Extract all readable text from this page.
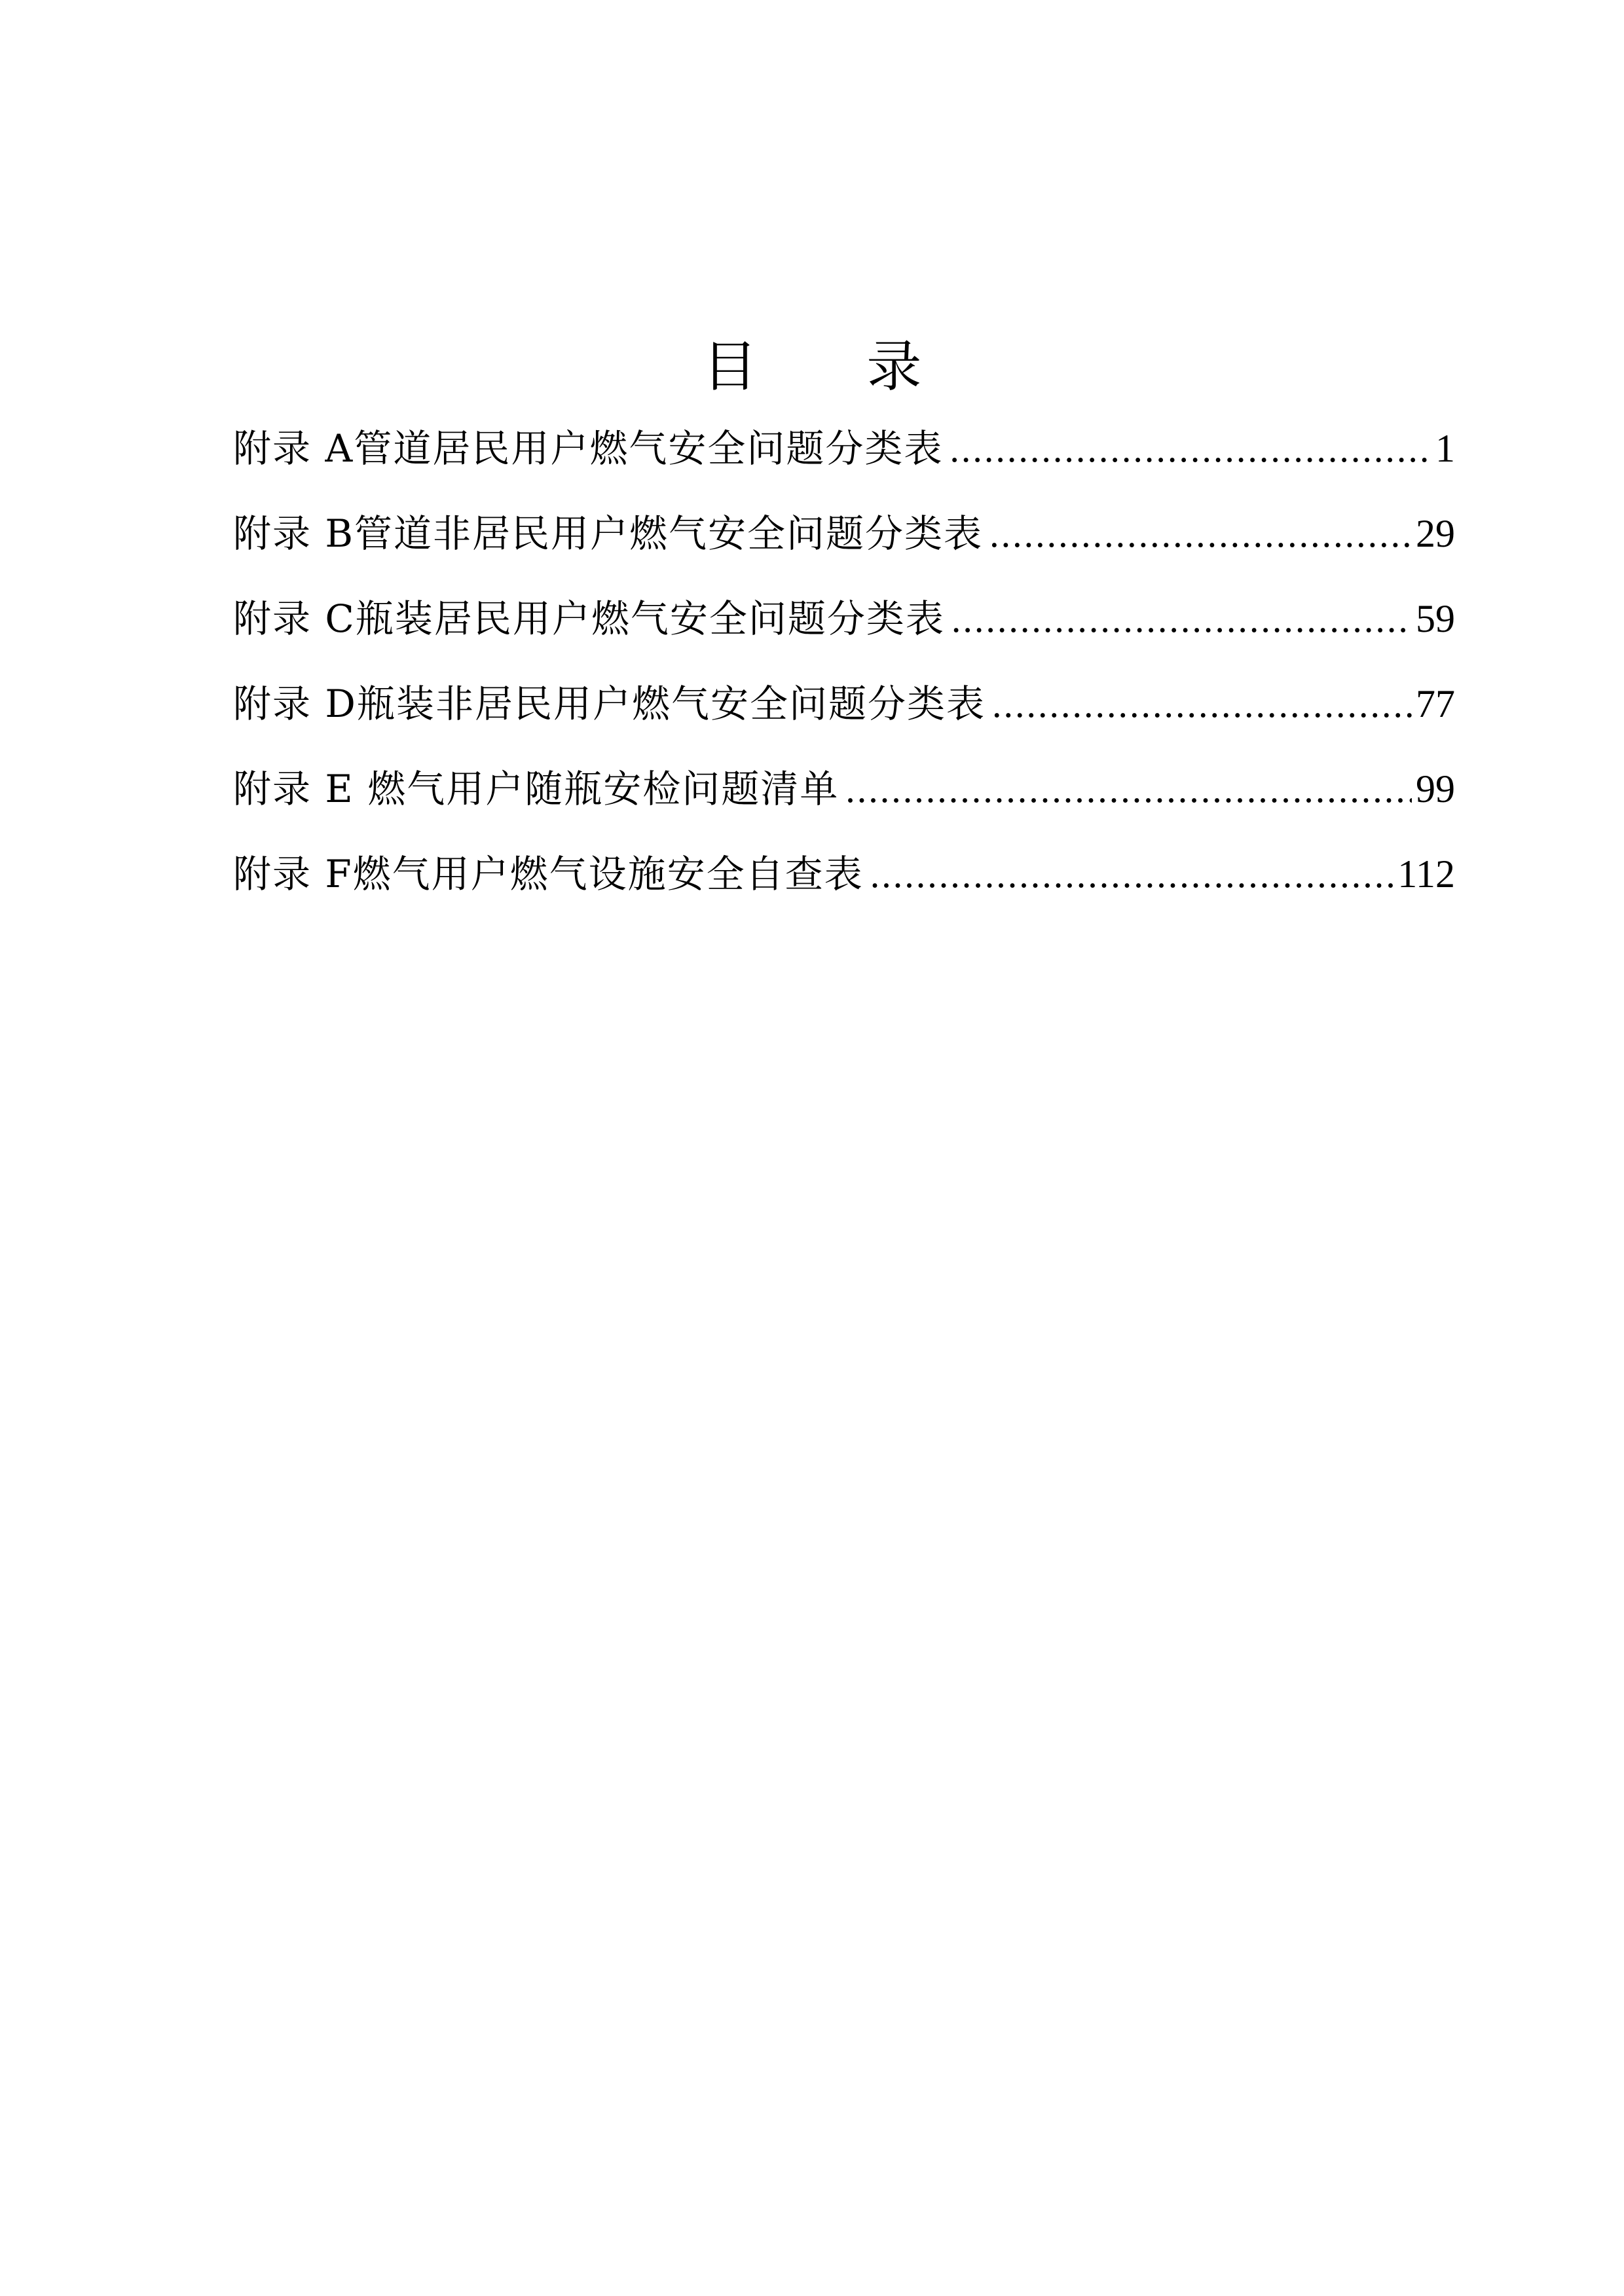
目 录
附录 A管道居民用户燃气安全问题分类表 .....	1
附录 B管道非居民用户燃气安全问题分类表 .....	29
附录 C瓶装居民用户燃气安全问题分类表 .....	59
附录 D瓶装非居民用户燃气安全问题分类表 .....	77
附录 E 燃气用户随瓶安检问题清单 .....	99
附录 F燃气用户燃气设施安全自查表 .....	112
